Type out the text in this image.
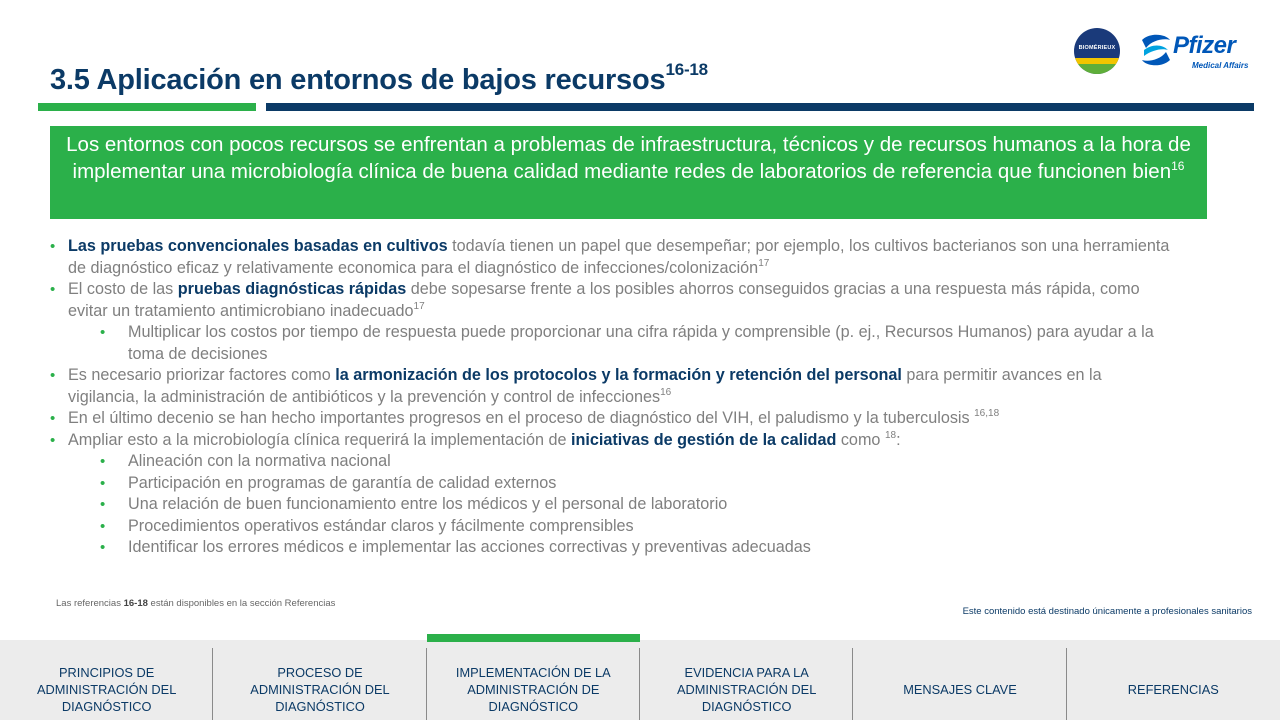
3.5 Aplicación en entornos de bajos recursos$^{16-18}$
BIOMÉRIEUX Pfizer
Medical Affairs
Los entornos con pocos recursos se enfrentan a problemas de infraestructura, técnicos y de recursos humanos a la hora de implementar una microbiología clínica de buena calidad mediante redes de laboratorios de referencia que funcionen bien$^{16}$
• Las pruebas convencionales basadas en cultivos todavía tienen un papel que desempeñar; por ejemplo, los cultivos bacterianos son una herramienta de diagnóstico eficaz y relativamente economica para el diagnóstico de infecciones/colonización$^{17}$
• El costo de las pruebas diagnósticas rápidas debe sopesarse frente a los posibles ahorros conseguidos gracias a una respuesta más rápida, como evitar un tratamiento antimicrobiano inadecuado$^{17}$
• Multiplicar los costos por tiempo de respuesta puede proporcionar una cifra rápida y comprensible (p. ej., Recursos Humanos) para ayudar a la toma de decisiones
• Es necesario priorizar factores como la armonización de los protocolos y la formación y retención del personal para permitir avances en la vigilancia, la administración de antibióticos y la prevención y control de infecciones$^{16}$
• En el último decenio se han hecho importantes progresos en el proceso de diagnóstico del VIH, el paludismo y la tuberculosis $^{16,18}$
• Ampliar esto a la microbiología clínica requerirá la implementación de iniciativas de gestión de la calidad como $^{18}$:
• Alineación con la normativa nacional
• Participación en programas de garantía de calidad externos
• Una relación de buen funcionamiento entre los médicos y el personal de laboratorio
• Procedimientos operativos estándar claros y fácilmente comprensibles
• Identificar los errores médicos e implementar las acciones correctivas y preventivas adecuadas
Las referencias 16-18 están disponibles en la sección Referencias
Este contenido está destinado únicamente a profesionales sanitarios
PRINCIPIOS DE ADMINISTRACIÓN DEL DIAGNÓSTICO
PROCESO DE ADMINISTRACIÓN DEL DIAGNÓSTICO
IMPLEMENTACIÓN DE LA ADMINISTRACIÓN DE DIAGNÓSTICO
EVIDENCIA PARA LA ADMINISTRACIÓN DEL DIAGNÓSTICO
MENSAJES CLAVE	REFERENCIAS
